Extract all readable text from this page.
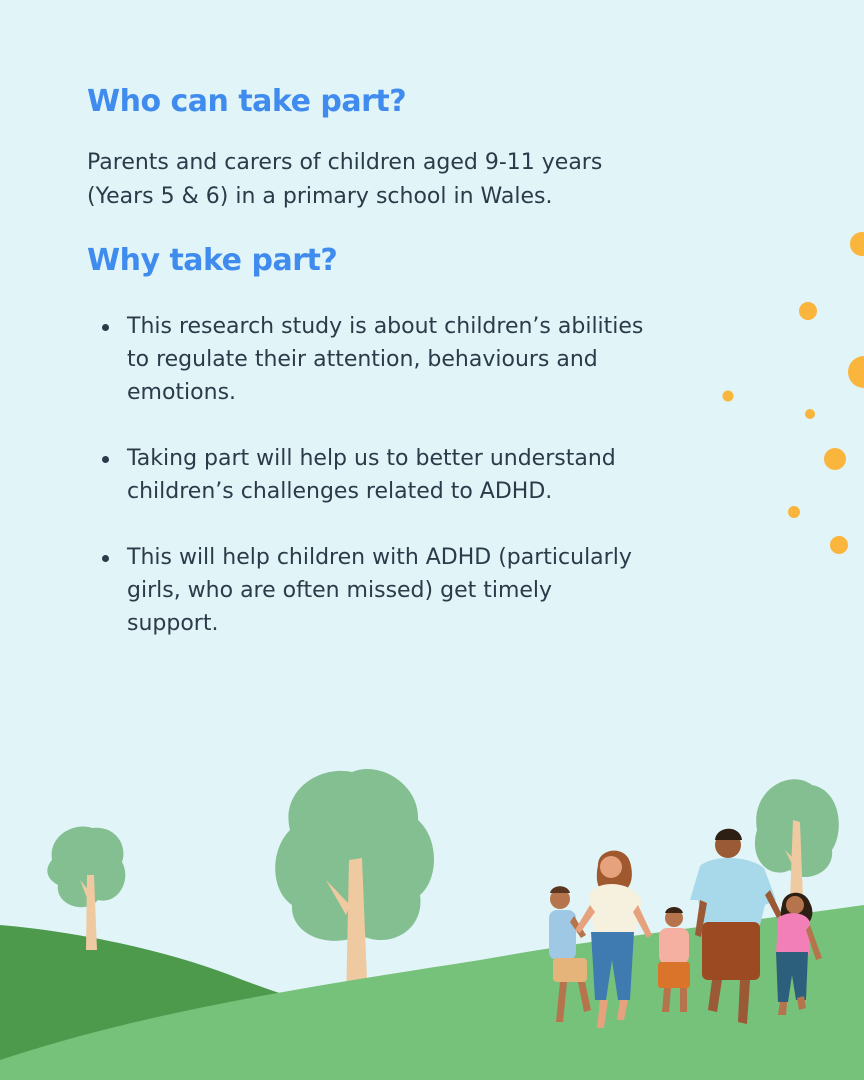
Who can take part?

Parents and carers of children aged 9-11 years (Years 5 & 6) in a primary school in Wales.

Why take part?
This research study is about children’s abilities to regulate their attention, behaviours and emotions.
Taking part will help us to better understand children’s challenges related to ADHD.
This will help children with ADHD (particularly girls, who are often missed) get timely support.
